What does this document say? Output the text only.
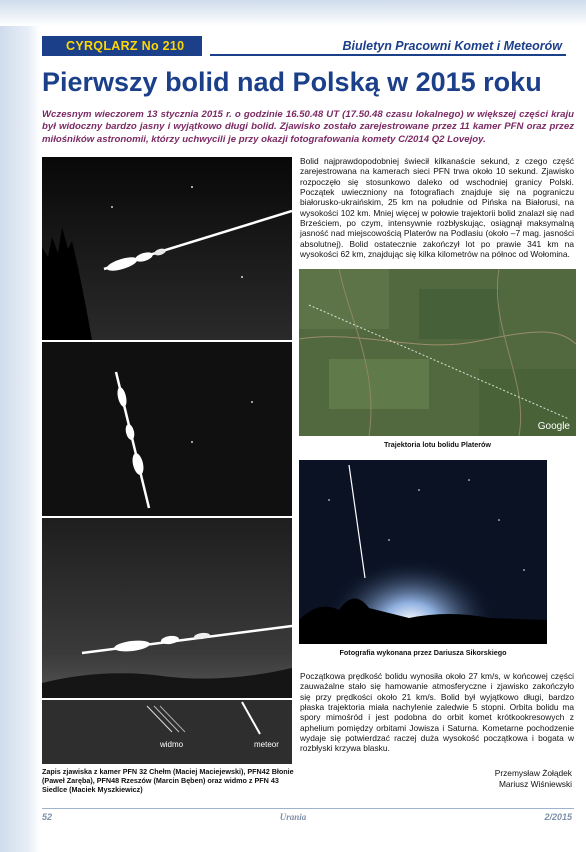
CYRQLARZ No 210	Biuletyn Pracowni Komet i Meteorów
Pierwszy bolid nad Polską w 2015 roku
Wczesnym wieczorem 13 stycznia 2015 r. o godzinie 16.50.48 UT (17.50.48 czasu lokalnego) w większej części kraju był widoczny bardzo jasny i wyjątkowo długi bolid. Zjawisko zostało zarejestrowane przez 11 kamer PFN oraz przez miłośników astronomii, którzy uchwycili je przy okazji fotografowania komety C/2014 Q2 Lovejoy.
widmo	meteor
Zapis zjawiska z kamer PFN 32 Chełm (Maciej Maciejewski), PFN42 Błonie (Paweł Zaręba), PFN48 Rzeszów (Marcin Bęben) oraz widmo z PFN 43 Siedlce (Maciek Myszkiewicz)
Bolid najprawdopodobniej świecił kilkanaście sekund, z czego część zarejestrowana na kamerach sieci PFN trwa około 10 sekund. Zjawisko rozpoczęło się stosunkowo daleko od wschodniej granicy Polski. Początek uwieczniony na fotografiach znajduje się na pograniczu białorusko-ukraińskim, 25 km na południe od Pińska na Białorusi, na wysokości 102 km. Mniej więcej w połowie trajektorii bolid znalazł się nad Brześciem, po czym, intensywnie rozbłyskując, osiągnął maksymalną jasność nad miejscowością Platerów na Podlasiu (około –7 mag. jasności absolutnej). Bolid ostatecznie zakończył lot po prawie 341 km na wysokości 62 km, znajdując się kilka kilometrów na północ od Wołomina.
Google
Trajektoria lotu bolidu Platerów
Fotografia wykonana przez Dariusza Sikorskiego
Początkowa prędkość bolidu wynosiła około 27 km/s, w końcowej części zauważalne stało się hamowanie atmosferyczne i zjawisko zakończyło się przy prędkości około 21 km/s. Bolid był wyjątkowo długi, bardzo płaska trajektoria miała nachylenie zaledwie 5 stopni. Orbita bolidu ma spory mimośród i jest podobna do orbit komet krótkookresowych z aphelium pomiędzy orbitami Jowisza i Saturna. Kometarne pochodzenie wydaje się potwierdzać raczej duża wysokość początkowa i bogata w rozbłyski krzywa blasku.
Przemysław Żołądek
Mariusz Wiśniewski
52	Urania	2/2015
